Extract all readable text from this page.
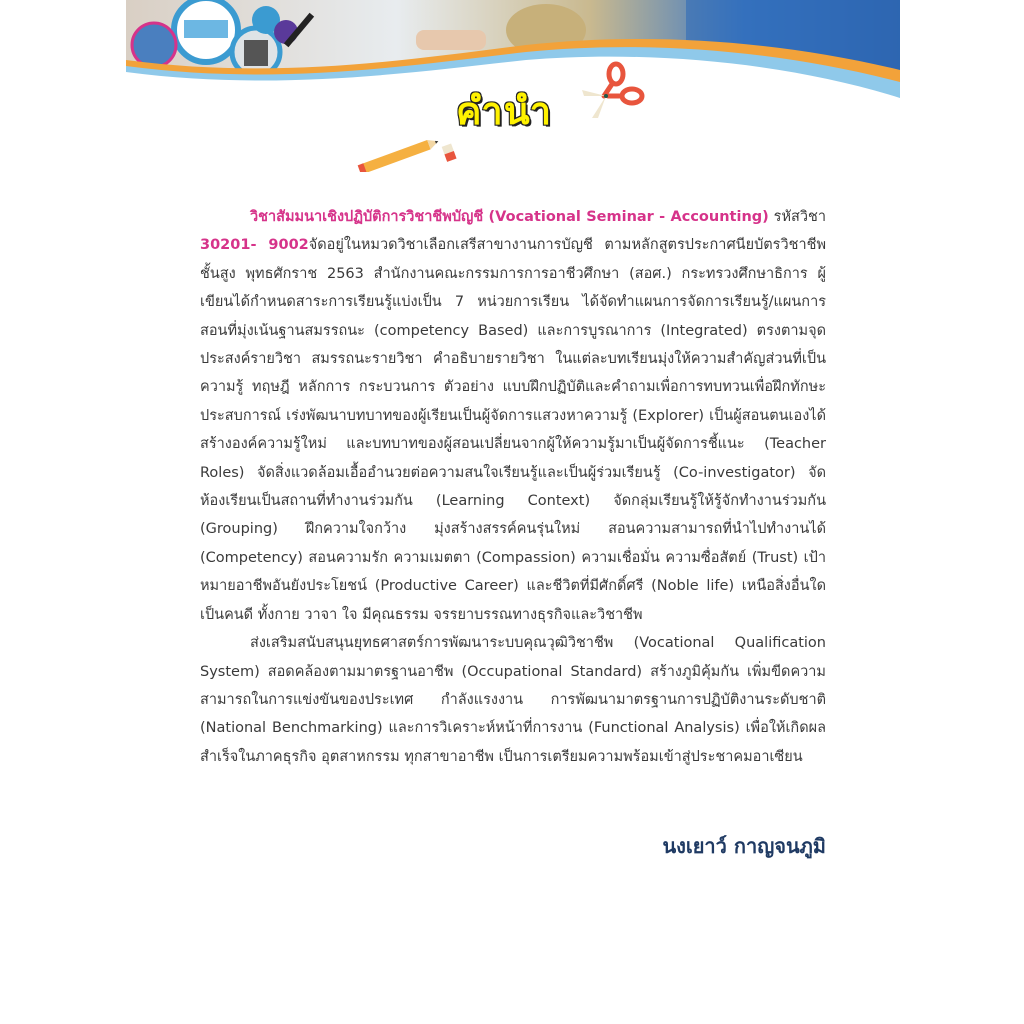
คำนำ

วิชาสัมมนาเชิงปฏิบัติการวิชาชีพบัญชี (Vocational Seminar - Accounting) รหัสวิชา 30201- 9002จัดอยู่ในหมวดวิชาเลือกเสรีสาขางานการบัญชี ตามหลักสูตรประกาศนียบัตรวิชาชีพชั้นสูง พุทธศักราช 2563 สำนักงานคณะกรรมการการอาชีวศึกษา (สอศ.) กระทรวงศึกษาธิการ ผู้เขียนได้กำหนดสาระการเรียนรู้แบ่งเป็น 7 หน่วยการเรียน ได้จัดทำแผนการจัดการเรียนรู้/แผนการสอนที่มุ่งเน้นฐานสมรรถนะ (competency Based) และการบูรณาการ (Integrated) ตรงตามจุดประสงค์รายวิชา สมรรถนะรายวิชา คำอธิบายรายวิชา ในแต่ละบทเรียนมุ่งให้ความสำคัญส่วนที่เป็นความรู้ ทฤษฎี หลักการ กระบวนการ ตัวอย่าง แบบฝึกปฏิบัติและคำถามเพื่อการทบทวนเพื่อฝึกทักษะประสบการณ์ เร่งพัฒนาบทบาทของผู้เรียนเป็นผู้จัดการแสวงหาความรู้ (Explorer) เป็นผู้สอนตนเองได้ สร้างองค์ความรู้ใหม่ และบทบาทของผู้สอนเปลี่ยนจากผู้ให้ความรู้มาเป็นผู้จัดการชี้แนะ (Teacher Roles) จัดสิ่งแวดล้อมเอื้ออำนวยต่อความสนใจเรียนรู้และเป็นผู้ร่วมเรียนรู้ (Co-investigator) จัดห้องเรียนเป็นสถานที่ทำงานร่วมกัน (Learning Context) จัดกลุ่มเรียนรู้ให้รู้จักทำงานร่วมกัน (Grouping) ฝึกความใจกว้าง มุ่งสร้างสรรค์คนรุ่นใหม่ สอนความสามารถที่นำไปทำงานได้ (Competency) สอนความรัก ความเมตตา (Compassion) ความเชื่อมั่น ความซื่อสัตย์ (Trust) เป้าหมายอาชีพอันยังประโยชน์ (Productive Career) และชีวิตที่มีศักดิ์ศรี (Noble life) เหนือสิ่งอื่นใด เป็นคนดี ทั้งกาย วาจา ใจ มีคุณธรรม จรรยาบรรณทางธุรกิจและวิชาชีพ

ส่งเสริมสนับสนุนยุทธศาสตร์การพัฒนาระบบคุณวุฒิวิชาชีพ (Vocational Qualification System) สอดคล้องตามมาตรฐานอาชีพ (Occupational Standard) สร้างภูมิคุ้มกัน เพิ่มขีดความสามารถในการแข่งขันของประเทศ กำลังแรงงาน การพัฒนามาตรฐานการปฏิบัติงานระดับชาติ (National Benchmarking) และการวิเคราะห์หน้าที่การงาน (Functional Analysis) เพื่อให้เกิดผลสำเร็จในภาคธุรกิจ อุตสาหกรรม ทุกสาขาอาชีพ เป็นการเตรียมความพร้อมเข้าสู่ประชาคมอาเซียน

นงเยาว์ กาญจนภูมิ
